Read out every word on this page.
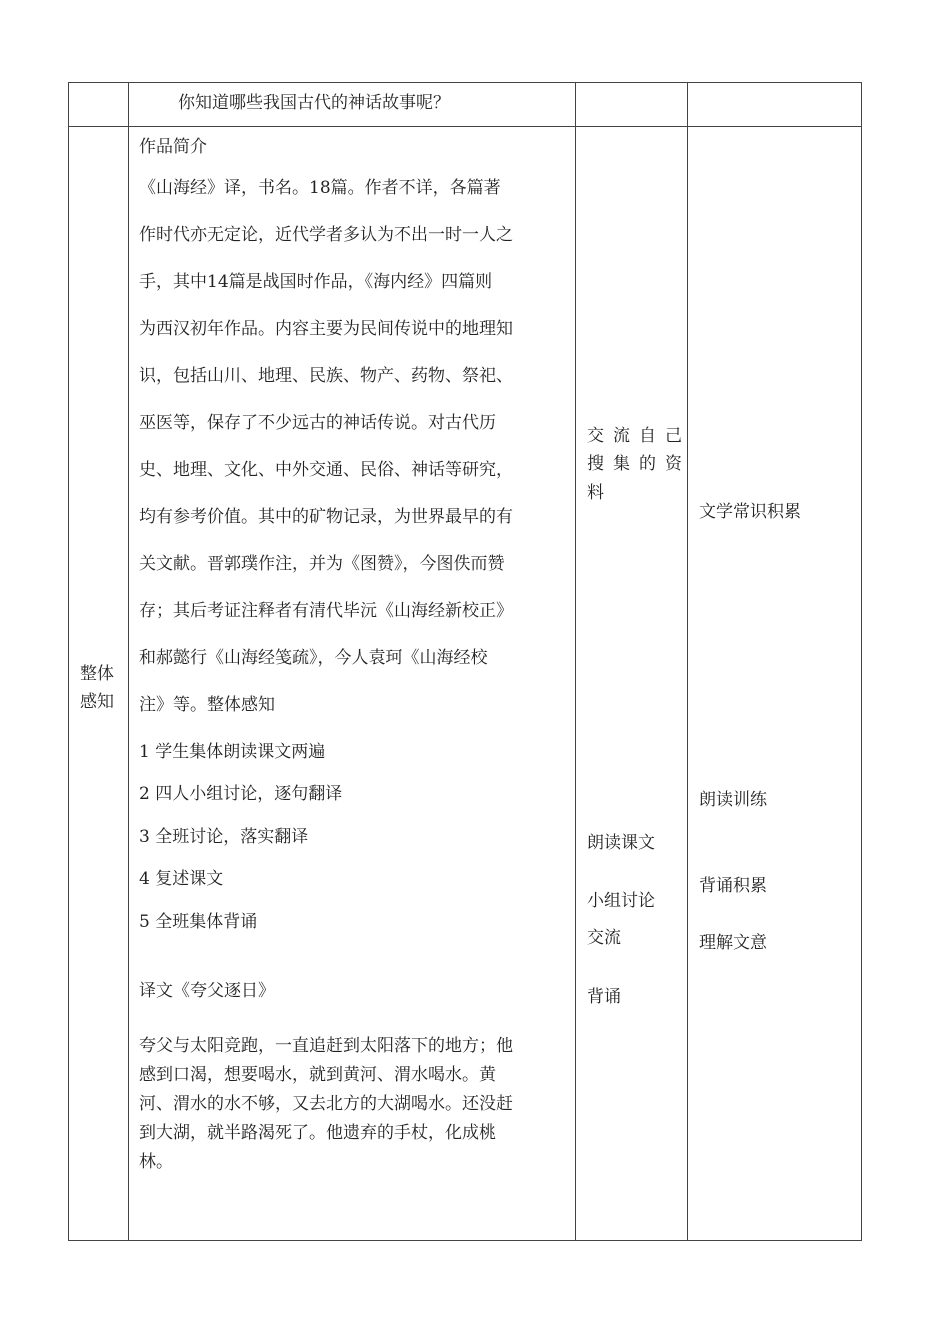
你知道哪些我国古代的神话故事呢？
整体
感知
作品简介
《山海经》译，书名。18篇。作者不详，各篇著
作时代亦无定论，近代学者多认为不出一时一人之
手，其中14篇是战国时作品，《海内经》四篇则
为西汉初年作品。内容主要为民间传说中的地理知
识，包括山川、地理、民族、物产、药物、祭祀、
巫医等，保存了不少远古的神话传说。对古代历
史、地理、文化、中外交通、民俗、神话等研究，
均有参考价值。其中的矿物记录，为世界最早的有
关文献。晋郭璞作注，并为《图赞》，今图佚而赞
存；其后考证注释者有清代毕沅《山海经新校正》
和郝懿行《山海经笺疏》，今人袁珂《山海经校
注》等。整体感知
1 学生集体朗读课文两遍
2 四人小组讨论，逐句翻译
3 全班讨论，落实翻译
4 复述课文
5 全班集体背诵
译文《夸父逐日》
夸父与太阳竞跑，一直追赶到太阳落下的地方；他
感到口渴，想要喝水，就到黄河、渭水喝水。黄
河、渭水的水不够，又去北方的大湖喝水。还没赶
到大湖，就半路渴死了。他遗弃的手杖，化成桃
林。
交流自己
搜集的资
料
朗读课文
小组讨论
交流
背诵
文学常识积累
朗读训练
背诵积累
理解文意
